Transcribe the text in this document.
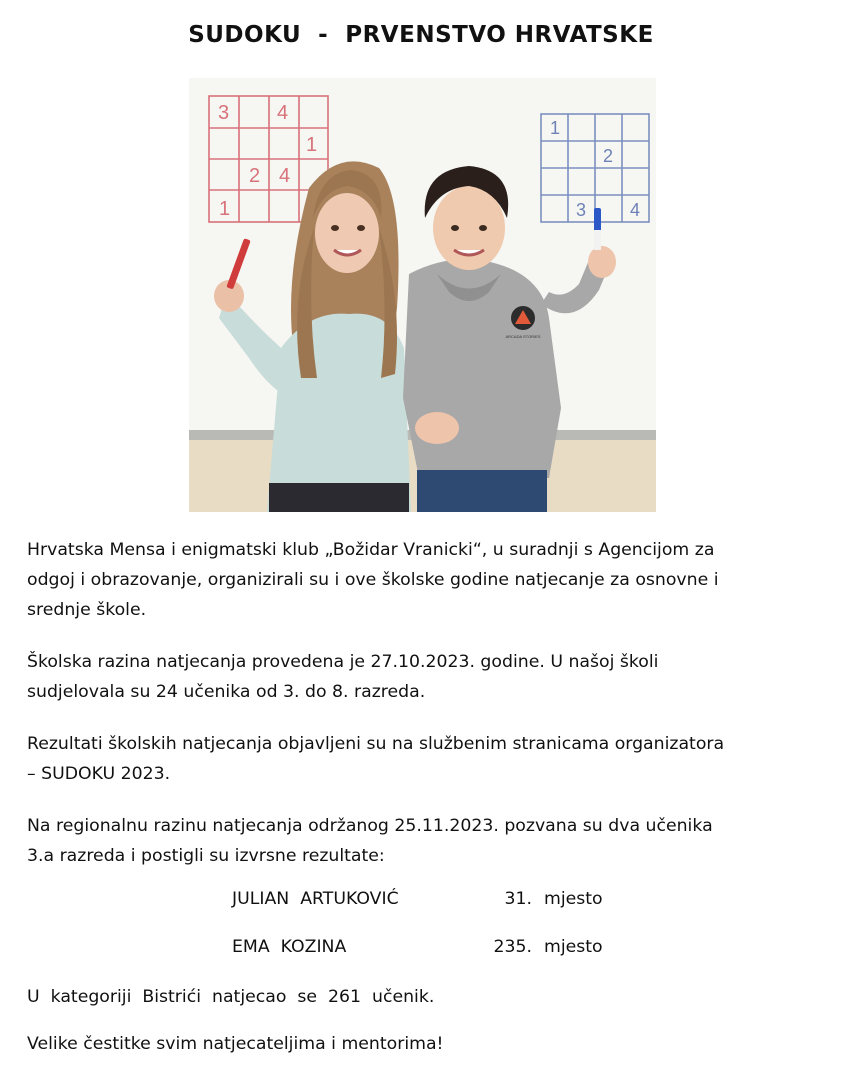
SUDOKU  -  PRVENSTVO HRVATSKE
3 4
1
2 4
1
1
2
3 4
ARCADA STORIES
Hrvatska Mensa i enigmatski klub „Božidar Vranicki“, u suradnji s Agencijom za
odgoj i obrazovanje, organizirali su i ove školske godine natjecanje za osnovne i
srednje škole.
Školska razina natjecanja provedena je 27.10.2023. godine. U našoj školi
sudjelovala su 24 učenika od 3. do 8. razreda.
Rezultati školskih natjecanja objavljeni su na službenim stranicama organizatora
– SUDOKU 2023.
Na regionalnu razinu natjecanja održanog 25.11.2023. pozvana su dva učenika
3.a razreda i postigli su izvrsne rezultate:

JULIAN  ARTUKOVIĆ

	31.

mjesto

EMA  KOZINA

	235.

mjesto

U  kategoriji  Bistrići  natjecao  se  261  učenik.
Velike čestitke svim natjecateljima i mentorima!
